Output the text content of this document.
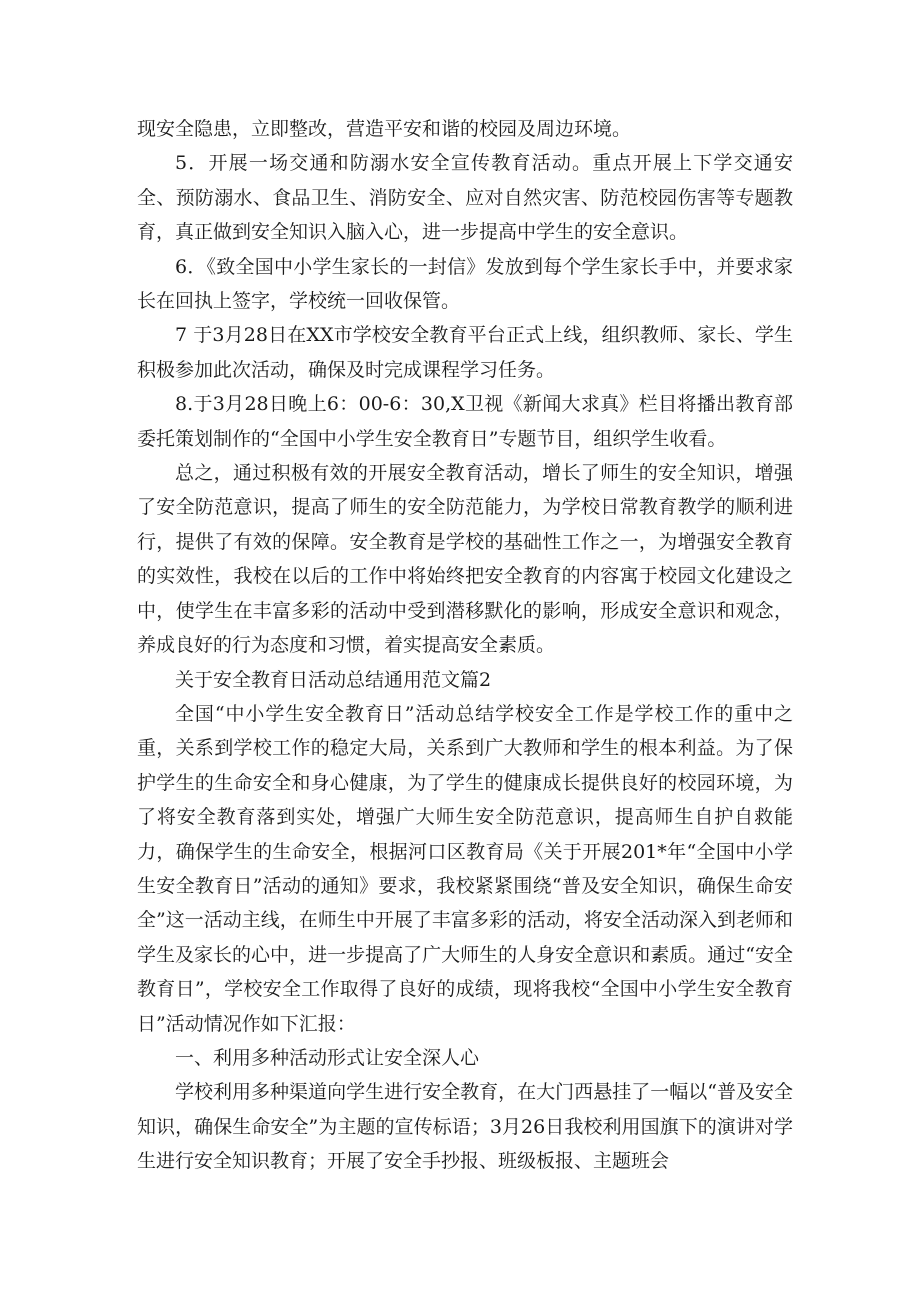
现安全隐患，立即整改，营造平安和谐的校园及周边环境。

5．开展一场交通和防溺水安全宣传教育活动。重点开展上下学交通安全、预防溺水、食品卫生、消防安全、应对自然灾害、防范校园伤害等专题教育，真正做到安全知识入脑入心，进一步提高中学生的安全意识。

6．《致全国中小学生家长的一封信》发放到每个学生家长手中，并要求家长在回执上签字，学校统一回收保管。

7 于3月28日在XX市学校安全教育平台正式上线，组织教师、家长、学生积极参加此次活动，确保及时完成课程学习任务。

8.于3月28日晚上6：00-6：30,X卫视《新闻大求真》栏目将播出教育部委托策划制作的“全国中小学生安全教育日”专题节目，组织学生收看。

总之，通过积极有效的开展安全教育活动，增长了师生的安全知识，增强了安全防范意识，提高了师生的安全防范能力，为学校日常教育教学的顺利进行，提供了有效的保障。安全教育是学校的基础性工作之一，为增强安全教育的实效性，我校在以后的工作中将始终把安全教育的内容寓于校园文化建设之中，使学生在丰富多彩的活动中受到潜移默化的影响，形成安全意识和观念，养成良好的行为态度和习惯，着实提高安全素质。

关于安全教育日活动总结通用范文篇2

全国“中小学生安全教育日”活动总结学校安全工作是学校工作的重中之重，关系到学校工作的稳定大局，关系到广大教师和学生的根本利益。为了保护学生的生命安全和身心健康，为了学生的健康成长提供良好的校园环境，为了将安全教育落到实处，增强广大师生安全防范意识，提高师生自护自救能力，确保学生的生命安全，根据河口区教育局《关于开展201*年“全国中小学生安全教育日”活动的通知》要求，我校紧紧围绕“普及安全知识，确保生命安全”这一活动主线，在师生中开展了丰富多彩的活动，将安全活动深入到老师和学生及家长的心中，进一步提高了广大师生的人身安全意识和素质。通过“安全教育日”，学校安全工作取得了良好的成绩，现将我校“全国中小学生安全教育日”活动情况作如下汇报：

一、利用多种活动形式让安全深人心

学校利用多种渠道向学生进行安全教育，在大门西悬挂了一幅以“普及安全知识，确保生命安全”为主题的宣传标语；3月26日我校利用国旗下的演讲对学生进行安全知识教育；开展了安全手抄报、班级板报、主题班会
